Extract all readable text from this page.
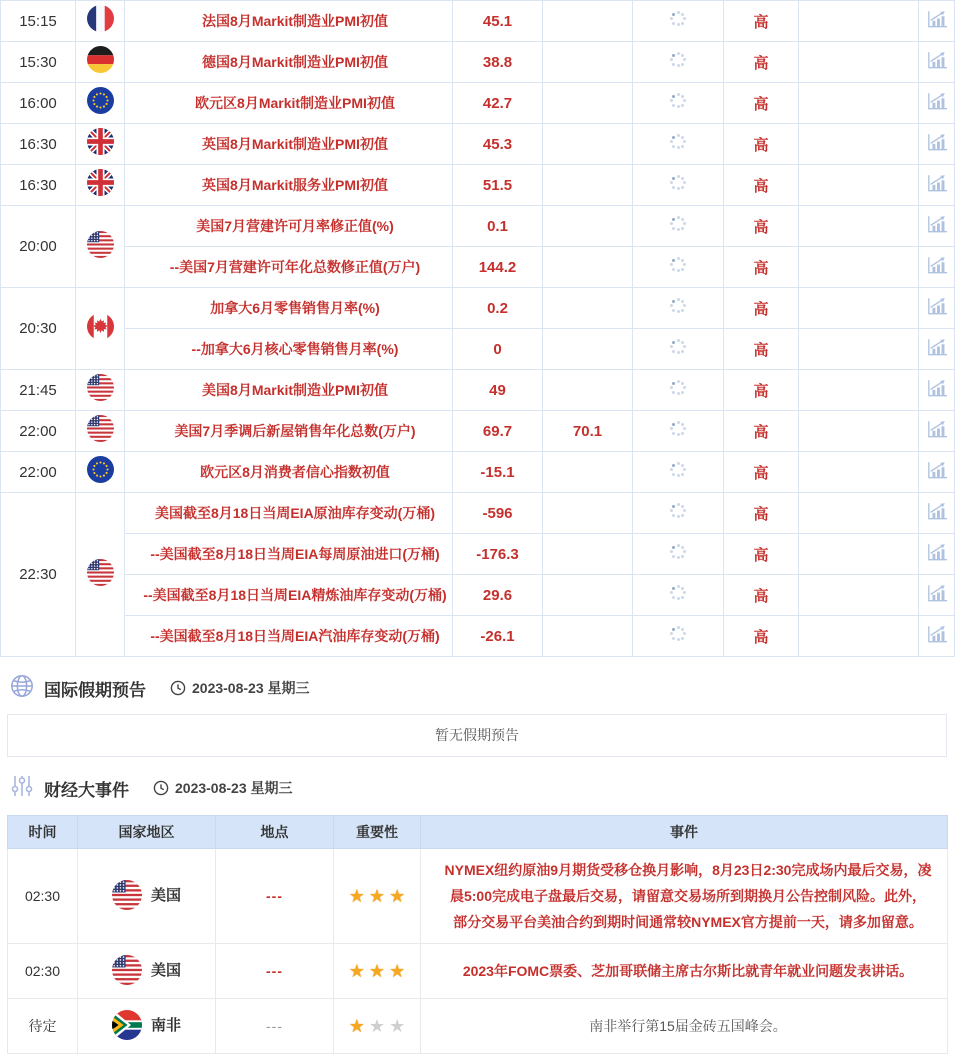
15:15		法国8月Markit制造业PMI初值	45.1			高		
15:30		德国8月Markit制造业PMI初值	38.8			高		
16:00		欧元区8月Markit制造业PMI初值	42.7			高		
16:30		英国8月Markit制造业PMI初值	45.3			高		
16:30		英国8月Markit服务业PMI初值	51.5			高		
20:00		美国7月营建许可月率修正值(%)	0.1			高		
		--美国7月营建许可年化总数修正值(万户)	144.2			高		
20:30		加拿大6月零售销售月率(%)	0.2			高		
		--加拿大6月核心零售销售月率(%)	0			高		
21:45		美国8月Markit制造业PMI初值	49			高		
22:00		美国7月季调后新屋销售年化总数(万户)	69.7	70.1		高		
22:00		欧元区8月消费者信心指数初值	-15.1			高		
22:30		美国截至8月18日当周EIA原油库存变动(万桶)	-596			高		
		--美国截至8月18日当周EIA每周原油进口(万桶)	-176.3			高		
		--美国截至8月18日当周EIA精炼油库存变动(万桶)	29.6			高		
		--美国截至8月18日当周EIA汽油库存变动(万桶)	-26.1			高		
国际假期预告	2023-08-23 星期三
暂无假期预告
财经大事件	2023-08-23 星期三
时间	国家地区	地点	重要性	事件
02:30	美国	---	★ ★ ★	NYMEX纽约原油9月期货受移仓换月影响，8月23日2:30完成场内最后交易，凌晨5:00完成电子盘最后交易，请留意交易场所到期换月公告控制风险。此外，部分交易平台美油合约到期时间通常较NYMEX官方提前一天，请多加留意。
02:30	美国	---	★ ★ ★	2023年FOMC票委、芝加哥联储主席古尔斯比就青年就业问题发表讲话。
待定	南非	---	★ ★ ★	南非举行第15届金砖五国峰会。
